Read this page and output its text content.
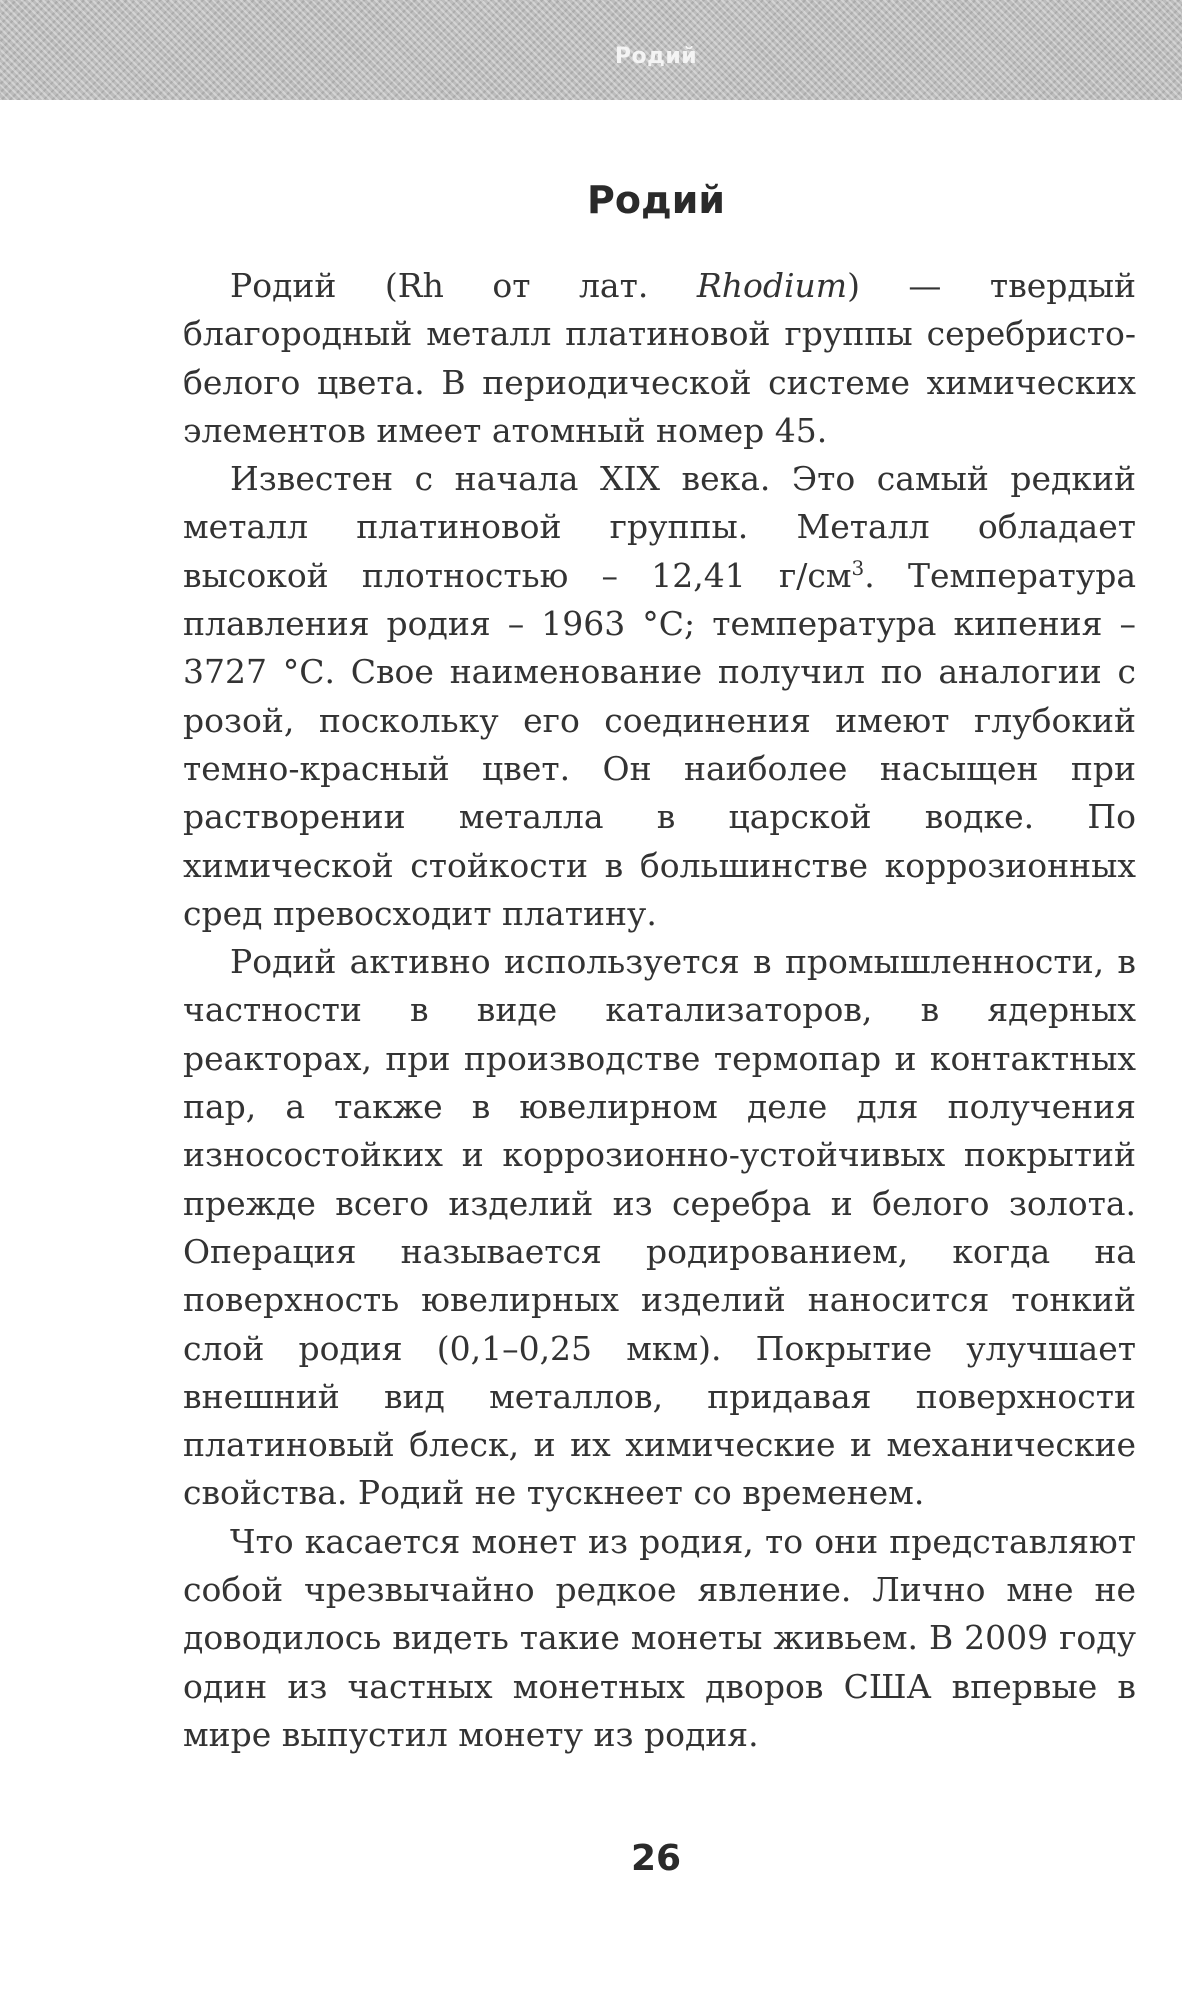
Родий
Родий

Родий (Rh от лат. Rhodium) — твердый благородный металл платиновой группы серебристо-белого цвета. В периодической системе химических элементов имеет атомный номер 45.

Известен с начала XIX века. Это самый редкий металл платиновой группы. Металл обладает высокой плотностью – 12,41 $г/см^3$. Температура плавления родия – 1963 °С; температура кипения – 3727 °С. Свое наименование получил по аналогии с розой, поскольку его соединения имеют глубокий темно-красный цвет. Он наиболее насыщен при растворении металла в царской водке. По химической стойкости в большинстве коррозионных сред превосходит платину.

Родий активно используется в промышленности, в частности в виде катализаторов, в ядерных реакторах, при производстве термопар и контактных пар, а также в ювелирном деле для получения износостойких и коррозионно-устойчивых покрытий прежде всего изделий из серебра и белого золота. Операция называется родированием, когда на поверхность ювелирных изделий наносится тонкий слой родия (0,1–0,25 мкм). Покрытие улучшает внешний вид металлов, придавая поверхности платиновый блеск, и их химические и механические свойства. Родий не тускнеет со временем.

Что касается монет из родия, то они представляют собой чрезвычайно редкое явление. Лично мне не доводилось видеть такие монеты живьем. В 2009 году один из частных монетных дворов США впервые в мире выпустил монету из родия.

26
